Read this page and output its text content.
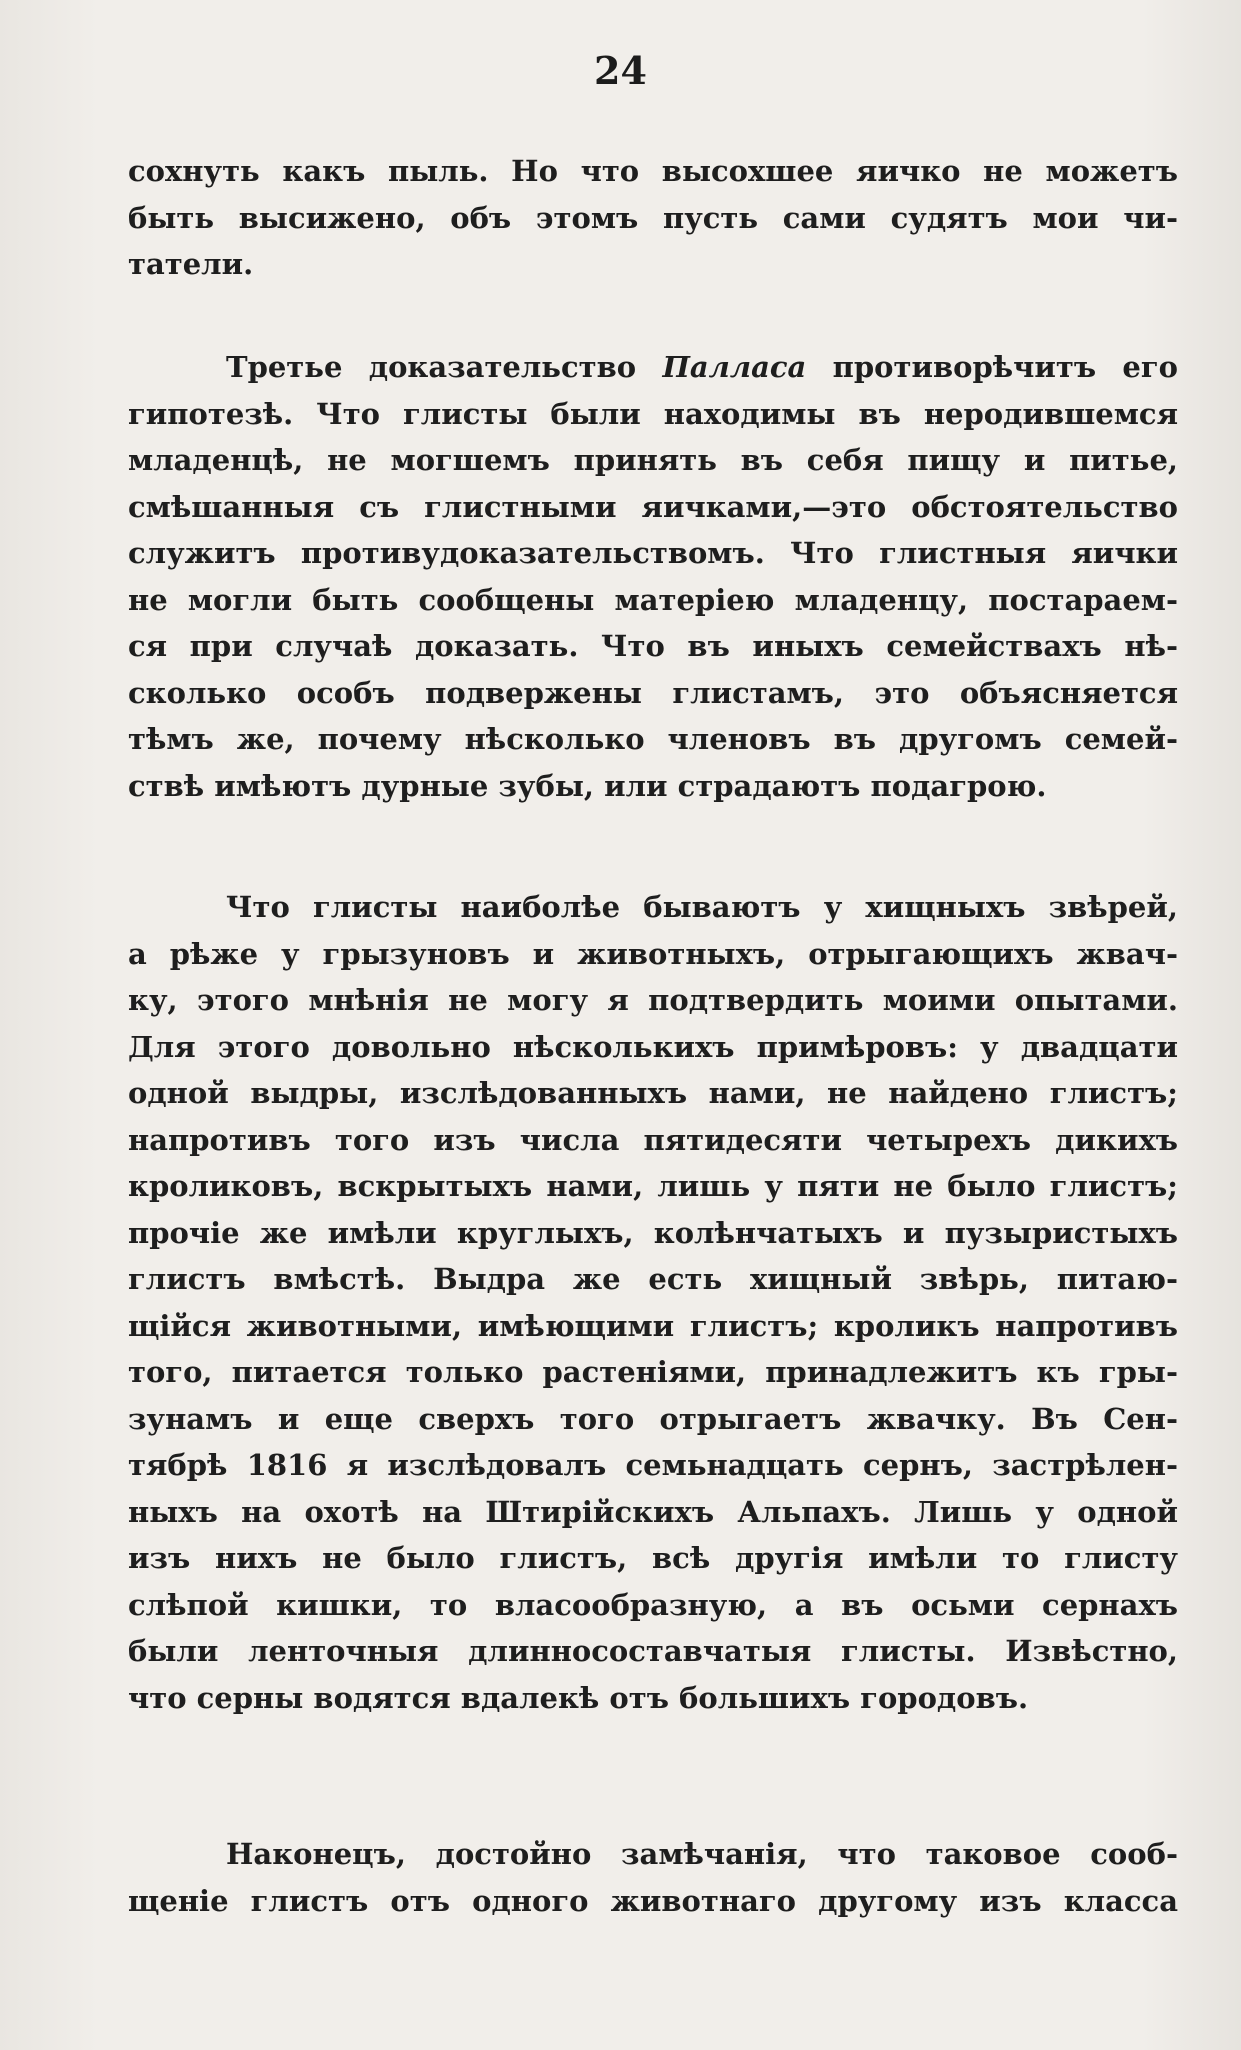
24
сохнуть какъ пыль. Но что высохшее яичко не можетъ
быть высижено, объ этомъ пусть сами судятъ мои чи-
татели.
Третье доказательство Палласа противорѣчитъ его
гипотезѣ. Что глисты были находимы въ неродившемся
младенцѣ, не могшемъ принять въ себя пищу и питье,
смѣшанныя съ глистными яичками,—это обстоятельство
служитъ противудоказательствомъ. Что глистныя яички
не могли быть сообщены матерiею младенцу, постараем-
ся при случаѣ доказать. Что въ иныхъ семействахъ нѣ-
сколько особъ подвержены глистамъ, это объясняется
тѣмъ же, почему нѣсколько членовъ въ другомъ семей-
ствѣ имѣютъ дурные зубы, или страдаютъ подагрою.
Что глисты наиболѣе бываютъ у хищныхъ звѣрей,
а рѣже у грызуновъ и животныхъ, отрыгающихъ жвач-
ку, этого мнѣнiя не могу я подтвердить моими опытами.
Для этого довольно нѣсколькихъ примѣровъ: у двадцати
одной выдры, изслѣдованныхъ нами, не найдено глистъ;
напротивъ того изъ числа пятидесяти четырехъ дикихъ
кроликовъ, вскрытыхъ нами, лишь у пяти не было глистъ;
прочiе же имѣли круглыхъ, колѣнчатыхъ и пузыристыхъ
глистъ вмѣстѣ. Выдра же есть хищный звѣрь, питаю-
щiйся животными, имѣющими глистъ; кроликъ напротивъ
того, питается только растенiями, принадлежитъ къ гры-
зунамъ и еще сверхъ того отрыгаетъ жвачку. Въ Сен-
тябрѣ 1816 я изслѣдовалъ семьнадцать сернъ, застрѣлен-
ныхъ на охотѣ на Штирiйскихъ Альпахъ. Лишь у одной
изъ нихъ не было глистъ, всѣ другiя имѣли то глисту
слѣпой кишки, то власообразную, а въ осьми сернахъ
были ленточныя длинносоставчатыя глисты. Извѣстно,
что серны водятся вдалекѣ отъ большихъ городовъ.
Наконецъ, достойно замѣчанiя, что таковое сооб-
щенiе глистъ отъ одного животнаго другому изъ класса
